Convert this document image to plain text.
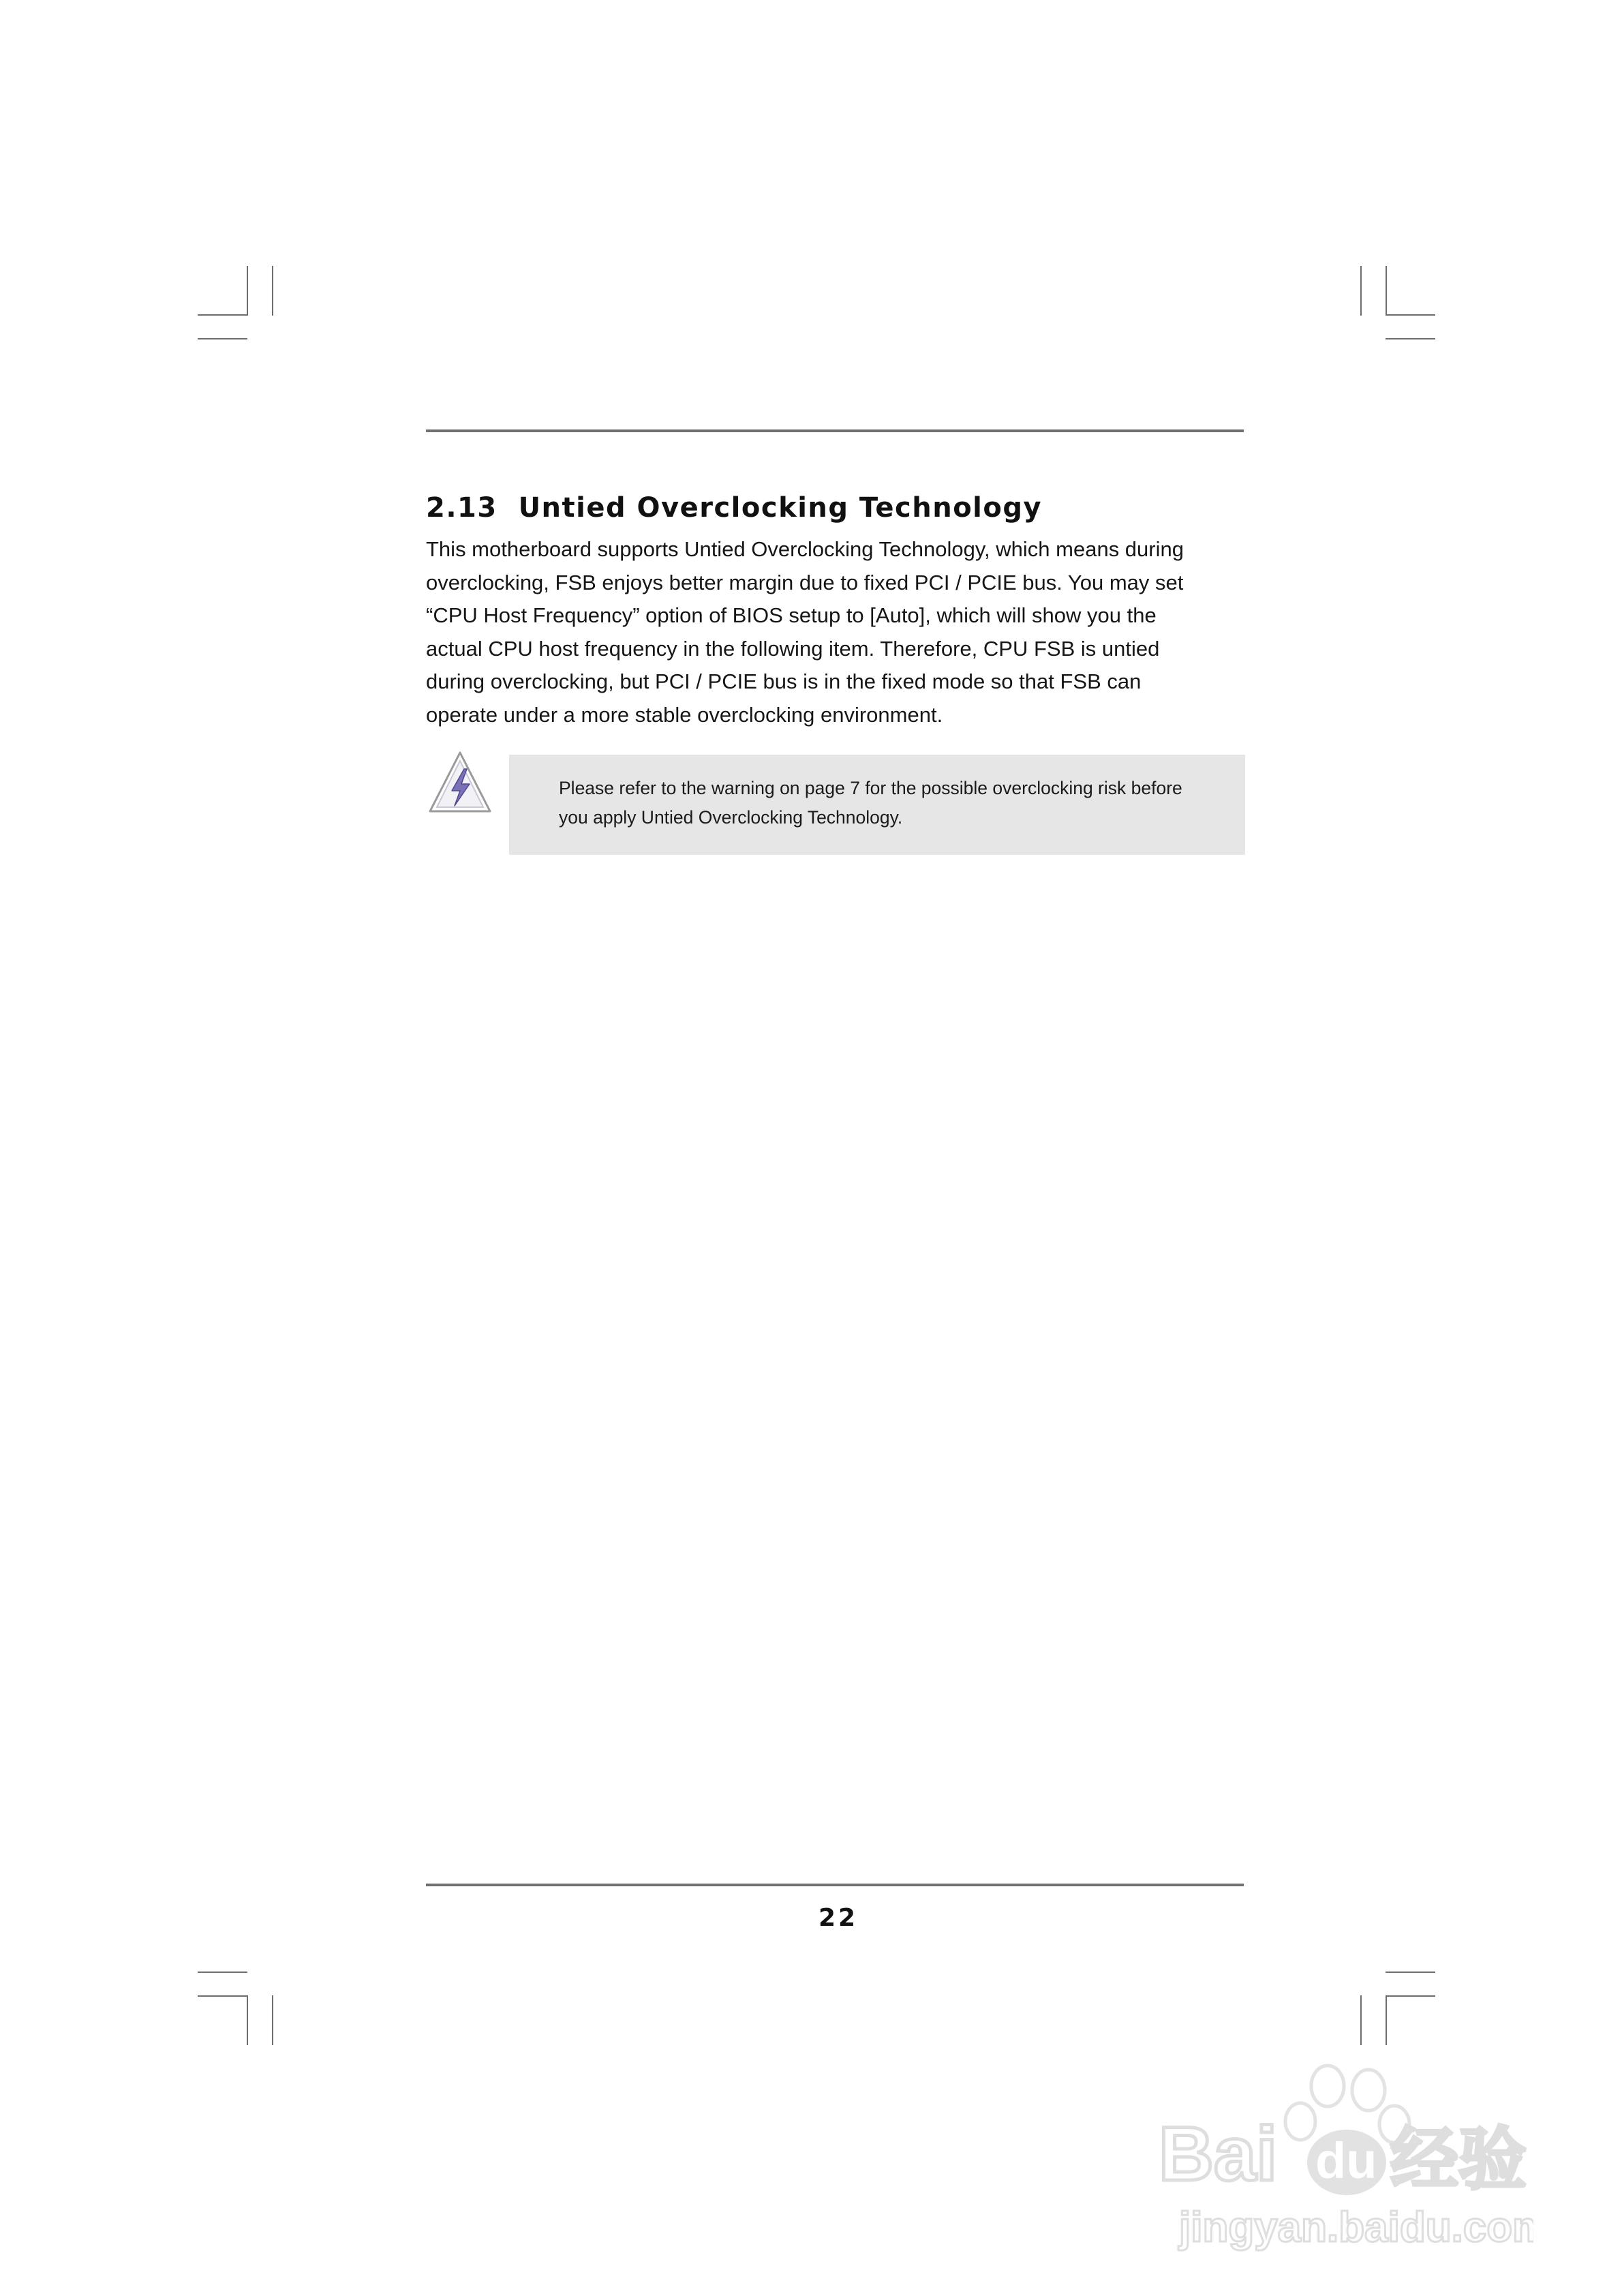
2.13 Untied Overclocking Technology
This motherboard supports Untied Overclocking Technology, which means during
overclocking, FSB enjoys better margin due to fixed PCI / PCIE bus. You may set
“CPU Host Frequency” option of BIOS setup to [Auto], which will show you the
actual CPU host frequency in the following item. Therefore, CPU FSB is untied
during overclocking, but PCI / PCIE bus is in the fixed mode so that FSB can
operate under a more stable overclocking environment.
Please refer to the warning on page 7 for the possible overclocking risk before
you apply Untied Overclocking Technology.
22
Bai du 经验
jingyan.baidu.com
